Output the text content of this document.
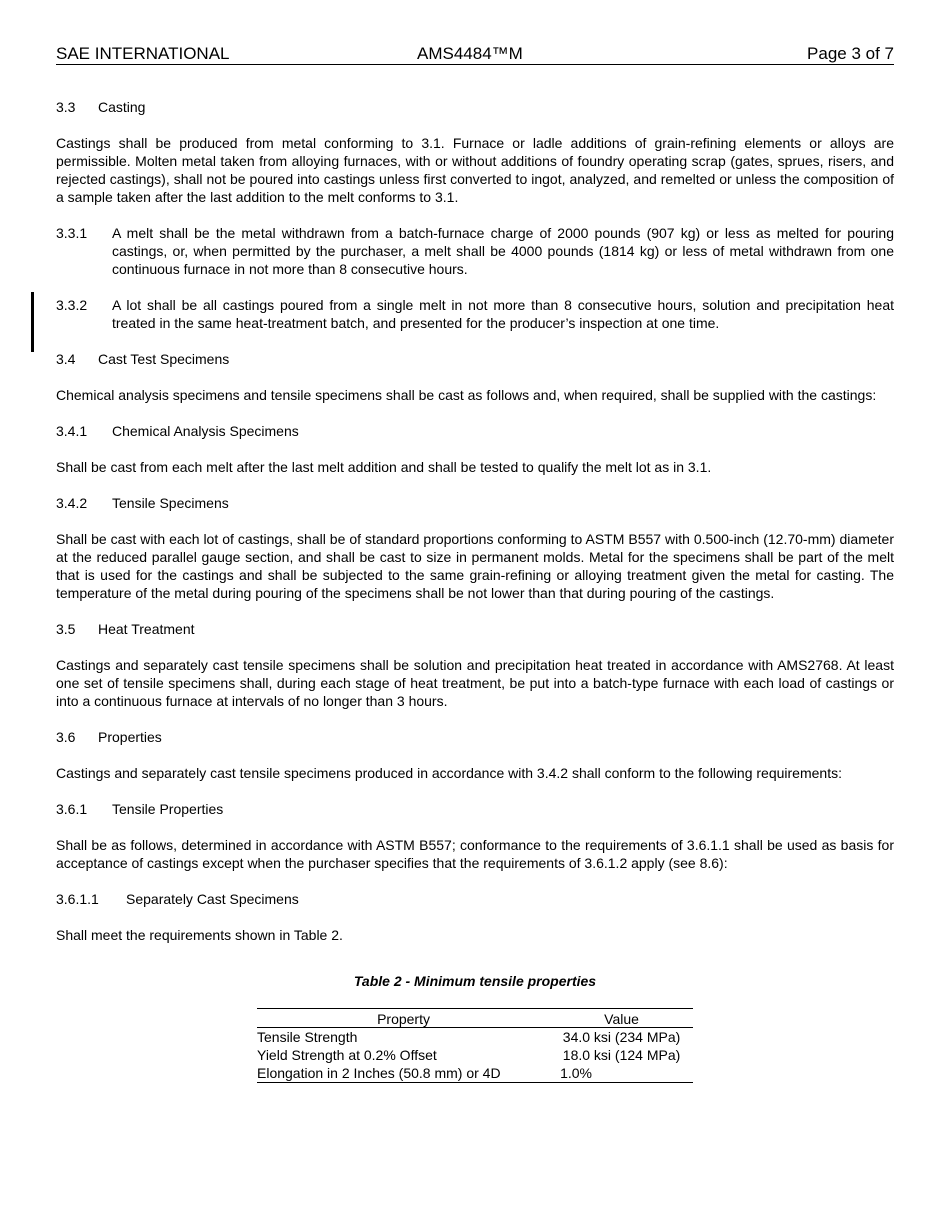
SAE INTERNATIONAL	AMS4484™M	Page 3 of 7
3.3	Casting

Castings shall be produced from metal conforming to 3.1. Furnace or ladle additions of grain-refining elements or alloys are permissible. Molten metal taken from alloying furnaces, with or without additions of foundry operating scrap (gates, sprues, risers, and rejected castings), shall not be poured into castings unless first converted to ingot, analyzed, and remelted or unless the composition of a sample taken after the last addition to the melt conforms to 3.1.

3.3.1	A melt shall be the metal withdrawn from a batch-furnace charge of 2000 pounds (907 kg) or less as melted for pouring castings, or, when permitted by the purchaser, a melt shall be 4000 pounds (1814 kg) or less of metal withdrawn from one continuous furnace in not more than 8 consecutive hours.
3.3.2	A lot shall be all castings poured from a single melt in not more than 8 consecutive hours, solution and precipitation heat treated in the same heat-treatment batch, and presented for the producer’s inspection at one time.
3.4	Cast Test Specimens

Chemical analysis specimens and tensile specimens shall be cast as follows and, when required, shall be supplied with the castings:

3.4.1	Chemical Analysis Specimens

Shall be cast from each melt after the last melt addition and shall be tested to qualify the melt lot as in 3.1.

3.4.2	Tensile Specimens

Shall be cast with each lot of castings, shall be of standard proportions conforming to ASTM B557 with 0.500-inch (12.70-mm) diameter at the reduced parallel gauge section, and shall be cast to size in permanent molds. Metal for the specimens shall be part of the melt that is used for the castings and shall be subjected to the same grain-refining or alloying treatment given the metal for casting. The temperature of the metal during pouring of the specimens shall be not lower than that during pouring of the castings.

3.5	Heat Treatment

Castings and separately cast tensile specimens shall be solution and precipitation heat treated in accordance with AMS2768. At least one set of tensile specimens shall, during each stage of heat treatment, be put into a batch-type furnace with each load of castings or into a continuous furnace at intervals of no longer than 3 hours.

3.6	Properties

Castings and separately cast tensile specimens produced in accordance with 3.4.2 shall conform to the following requirements:

3.6.1	Tensile Properties

Shall be as follows, determined in accordance with ASTM B557; conformance to the requirements of 3.6.1.1 shall be used as basis for acceptance of castings except when the purchaser specifies that the requirements of 3.6.1.2 apply (see 8.6):

3.6.1.1	Separately Cast Specimens

Shall meet the requirements shown in Table 2.

Table 2 - Minimum tensile properties
Property	Value
Tensile Strength	34.0 ksi (234 MPa)
Yield Strength at 0.2% Offset	18.0 ksi (124 MPa)
Elongation in 2 Inches (50.8 mm) or 4D	1.0%
